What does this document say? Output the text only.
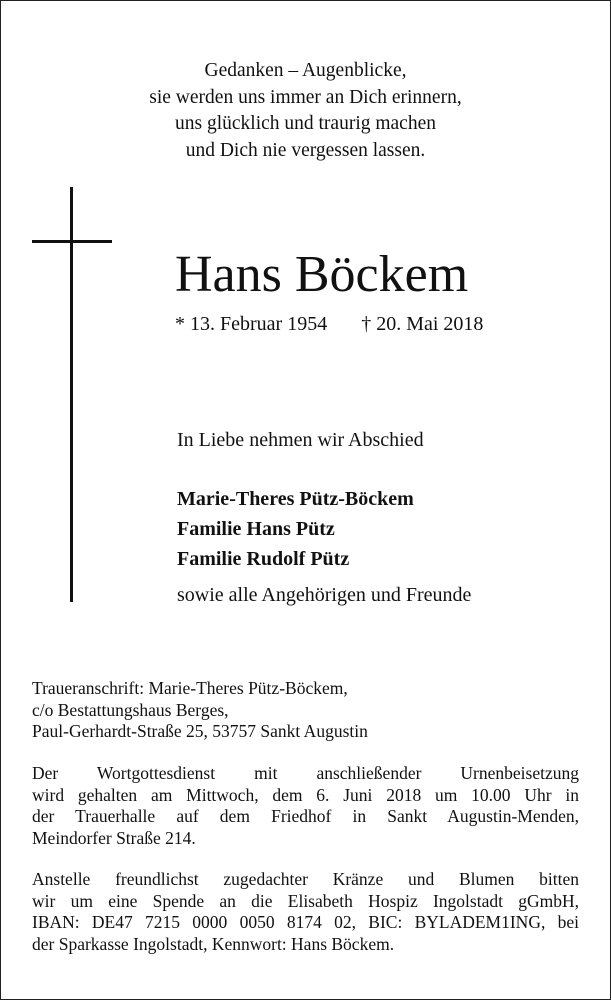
Gedanken – Augenblicke,
sie werden uns immer an Dich erinnern,
uns glücklich und traurig machen
und Dich nie vergessen lassen.
Hans Böckem
* 13. Februar 1954 † 20. Mai 2018
In Liebe nehmen wir Abschied
Marie-Theres Pütz-Böckem
Familie Hans Pütz
Familie Rudolf Pütz
sowie alle Angehörigen und Freunde
Traueranschrift: Marie-Theres Pütz-Böckem,
c/o Bestattungshaus Berges,
Paul-Gerhardt-Straße 25, 53757 Sankt Augustin
Der Wortgottesdienst mit anschließender Urnenbeisetzung
wird gehalten am Mittwoch, dem 6. Juni 2018 um 10.00 Uhr in
der Trauerhalle auf dem Friedhof in Sankt Augustin-Menden,
Meindorfer Straße 214.
Anstelle freundlichst zugedachter Kränze und Blumen bitten
wir um eine Spende an die Elisabeth Hospiz Ingolstadt gGmbH,
IBAN: DE47 7215 0000 0050 8174 02, BIC: BYLADEM1ING, bei
der Sparkasse Ingolstadt, Kennwort: Hans Böckem.
